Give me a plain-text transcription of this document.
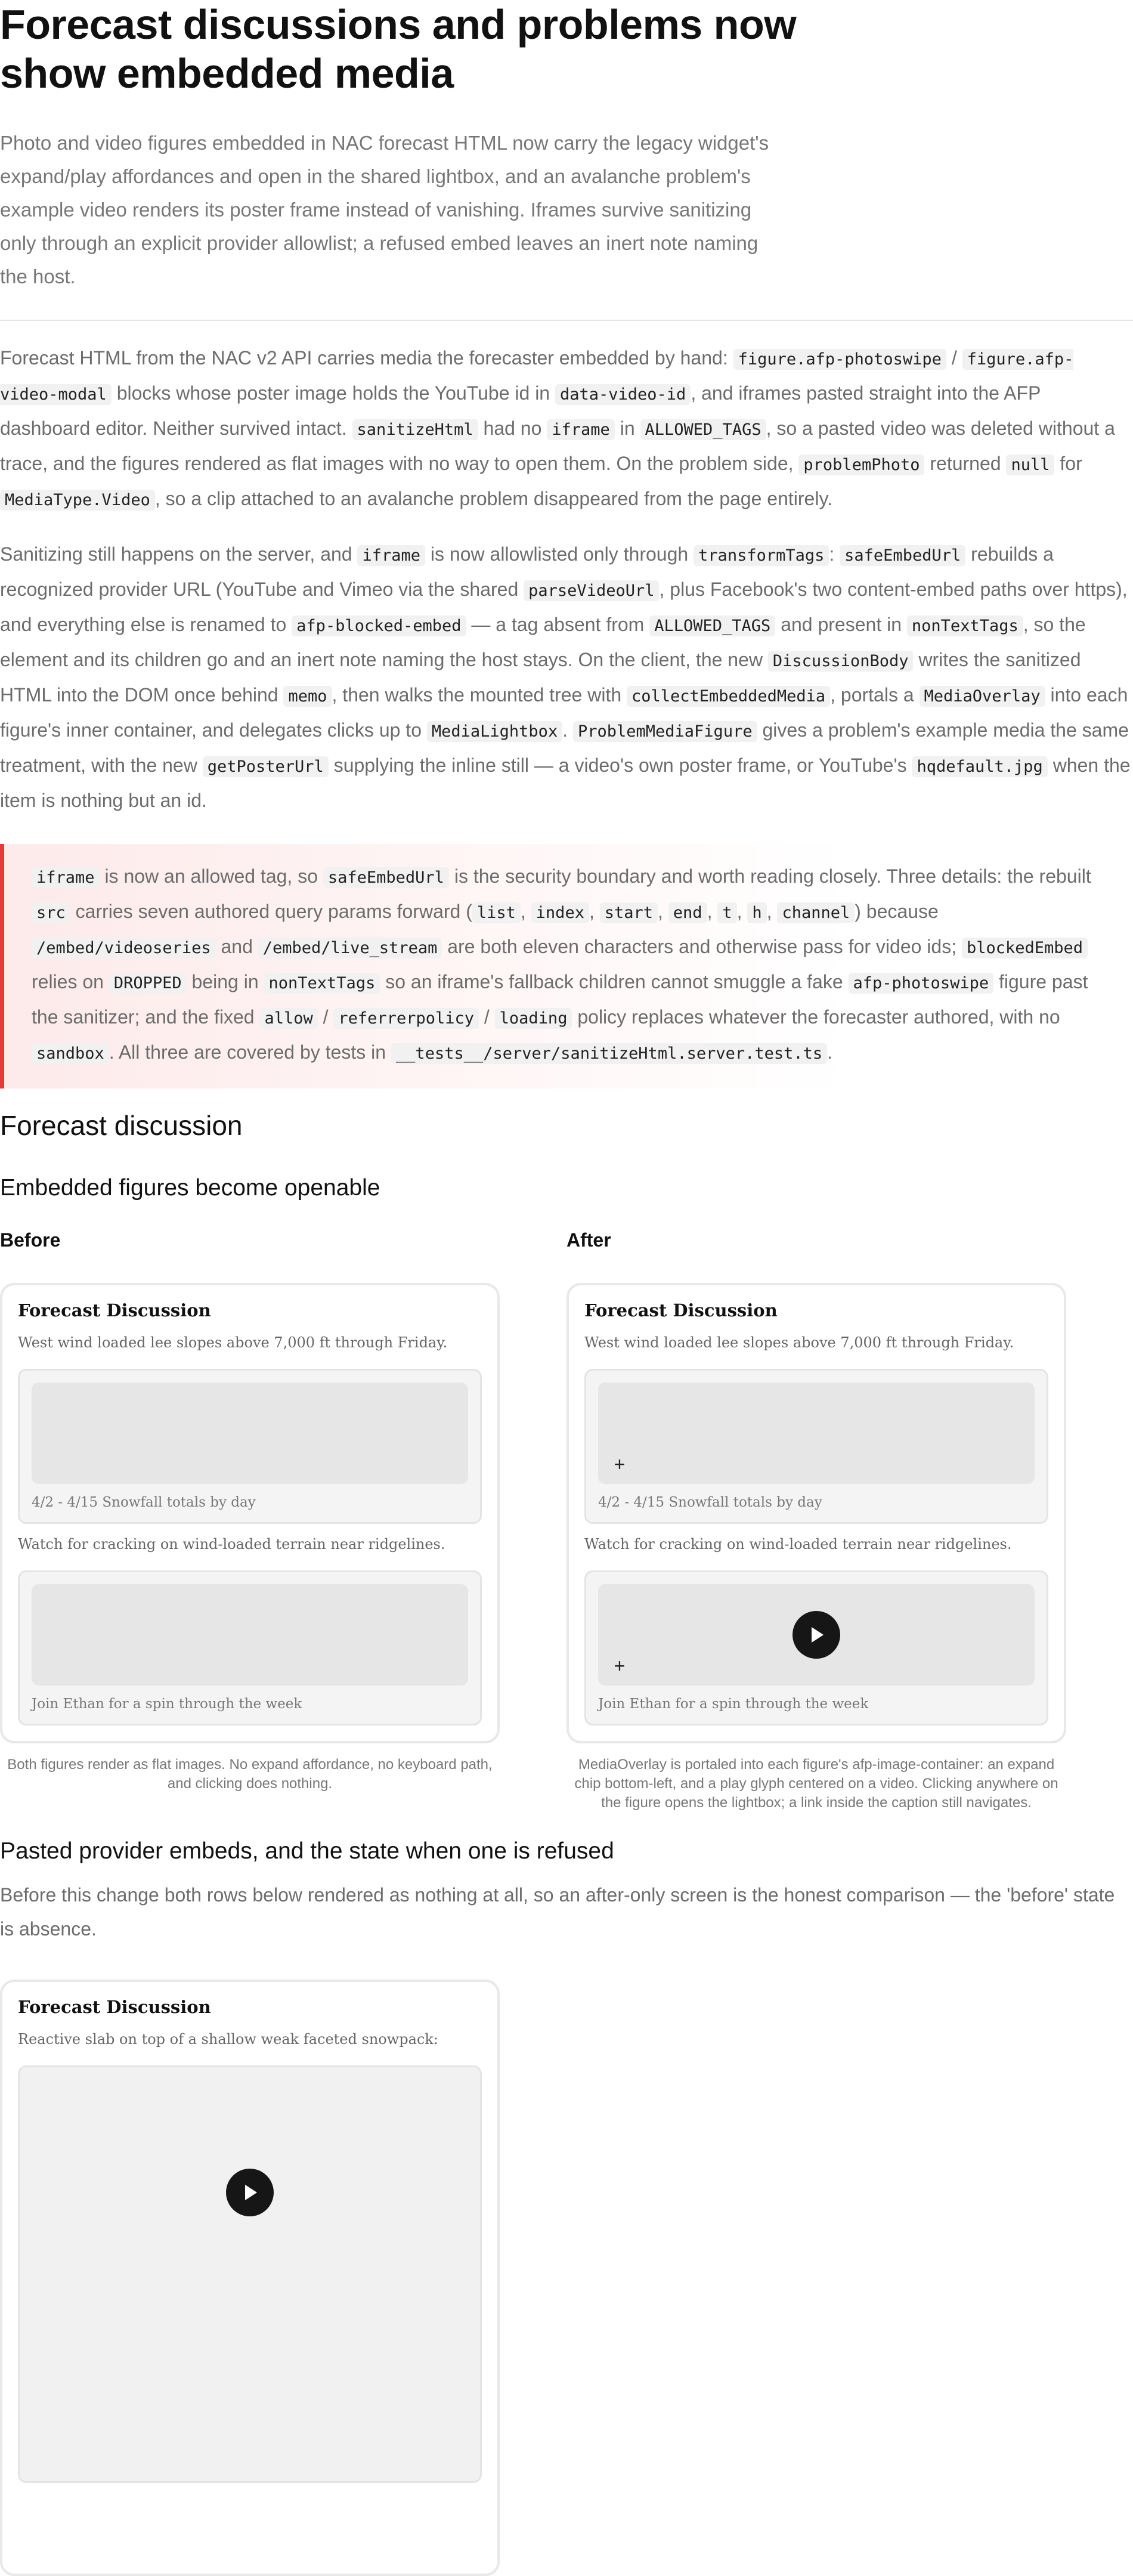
Forecast discussions and problems now show embedded media

Photo and video figures embedded in NAC forecast HTML now carry the legacy widget's expand/play affordances and open in the shared lightbox, and an avalanche problem's example video renders its poster frame instead of vanishing. Iframes survive sanitizing only through an explicit provider allowlist; a refused embed leaves an inert note naming the host.

Forecast HTML from the NAC v2 API carries media the forecaster embedded by hand: figure.afp-photoswipe / figure.afp-video-modal blocks whose poster image holds the YouTube id in data-video-id , and iframes pasted straight into the AFP dashboard editor. Neither survived intact. sanitizeHtml had no iframe in ALLOWED_TAGS , so a pasted video was deleted without a trace, and the figures rendered as flat images with no way to open them. On the problem side, problemPhoto returned null for MediaType.Video , so a clip attached to an avalanche problem disappeared from the page entirely.

Sanitizing still happens on the server, and iframe is now allowlisted only through transformTags : safeEmbedUrl rebuilds a recognized provider URL (YouTube and Vimeo via the shared parseVideoUrl , plus Facebook's two content-embed paths over https), and everything else is renamed to afp-blocked-embed — a tag absent from ALLOWED_TAGS and present in nonTextTags , so the element and its children go and an inert note naming the host stays. On the client, the new DiscussionBody writes the sanitized HTML into the DOM once behind memo , then walks the mounted tree with collectEmbeddedMedia , portals a MediaOverlay into each figure's inner container, and delegates clicks up to MediaLightbox . ProblemMediaFigure gives a problem's example media the same treatment, with the new getPosterUrl supplying the inline still — a video's own poster frame, or YouTube's hqdefault.jpg when the item is nothing but an id.

iframe is now an allowed tag, so safeEmbedUrl is the security boundary and worth reading closely. Three details: the rebuilt src carries seven authored query params forward ( list , index , start , end , t , h , channel ) because /embed/videoseries and /embed/live_stream are both eleven characters and otherwise pass for video ids; blockedEmbed relies on DROPPED being in nonTextTags so an iframe's fallback children cannot smuggle a fake afp-photoswipe figure past the sanitizer; and the fixed allow / referrerpolicy / loading policy replaces whatever the forecaster authored, with no sandbox . All three are covered by tests in __tests__/server/sanitizeHtml.server.test.ts .
Forecast discussion
Embedded figures become openable
Before
Forecast Discussion
West wind loaded lee slopes above 7,000 ft through Friday.
4/2 - 4/15 Snowfall totals by day
Watch for cracking on wind-loaded terrain near ridgelines.
Join Ethan for a spin through the week
Both figures render as flat images. No expand affordance, no keyboard path, and clicking does nothing.
After
Forecast Discussion
West wind loaded lee slopes above 7,000 ft through Friday.
+
4/2 - 4/15 Snowfall totals by day
Watch for cracking on wind-loaded terrain near ridgelines.
+
Join Ethan for a spin through the week
MediaOverlay is portaled into each figure's afp-image-container: an expand chip bottom-left, and a play glyph centered on a video. Clicking anywhere on the figure opens the lightbox; a link inside the caption still navigates.
Pasted provider embeds, and the state when one is refused

Before this change both rows below rendered as nothing at all, so an after-only screen is the honest comparison — the 'before' state is absence.

Forecast Discussion
Reactive slab on top of a shallow weak faceted snowpack:
